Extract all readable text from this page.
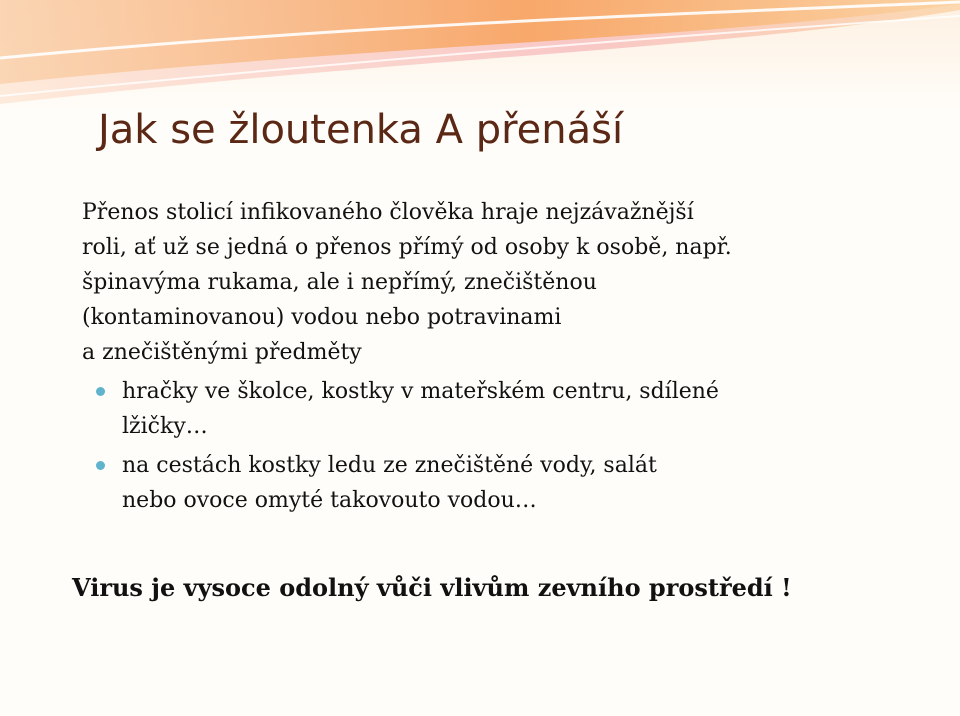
Jak se žloutenka A přenáší
Přenos stolicí infikovaného člověka hraje nejzávažnější
roli, ať už se jedná o přenos přímý od osoby k osobě, např.
špinavýma rukama, ale i nepřímý, znečištěnou
(kontaminovanou) vodou nebo potravinami
a znečištěnými předměty
hračky ve školce, kostky v mateřském centru, sdílené
lžičky…
na cestách kostky ledu ze znečištěné vody, salát
nebo ovoce omyté takovouto vodou…
Virus je vysoce odolný vůči vlivům zevního prostředí !
